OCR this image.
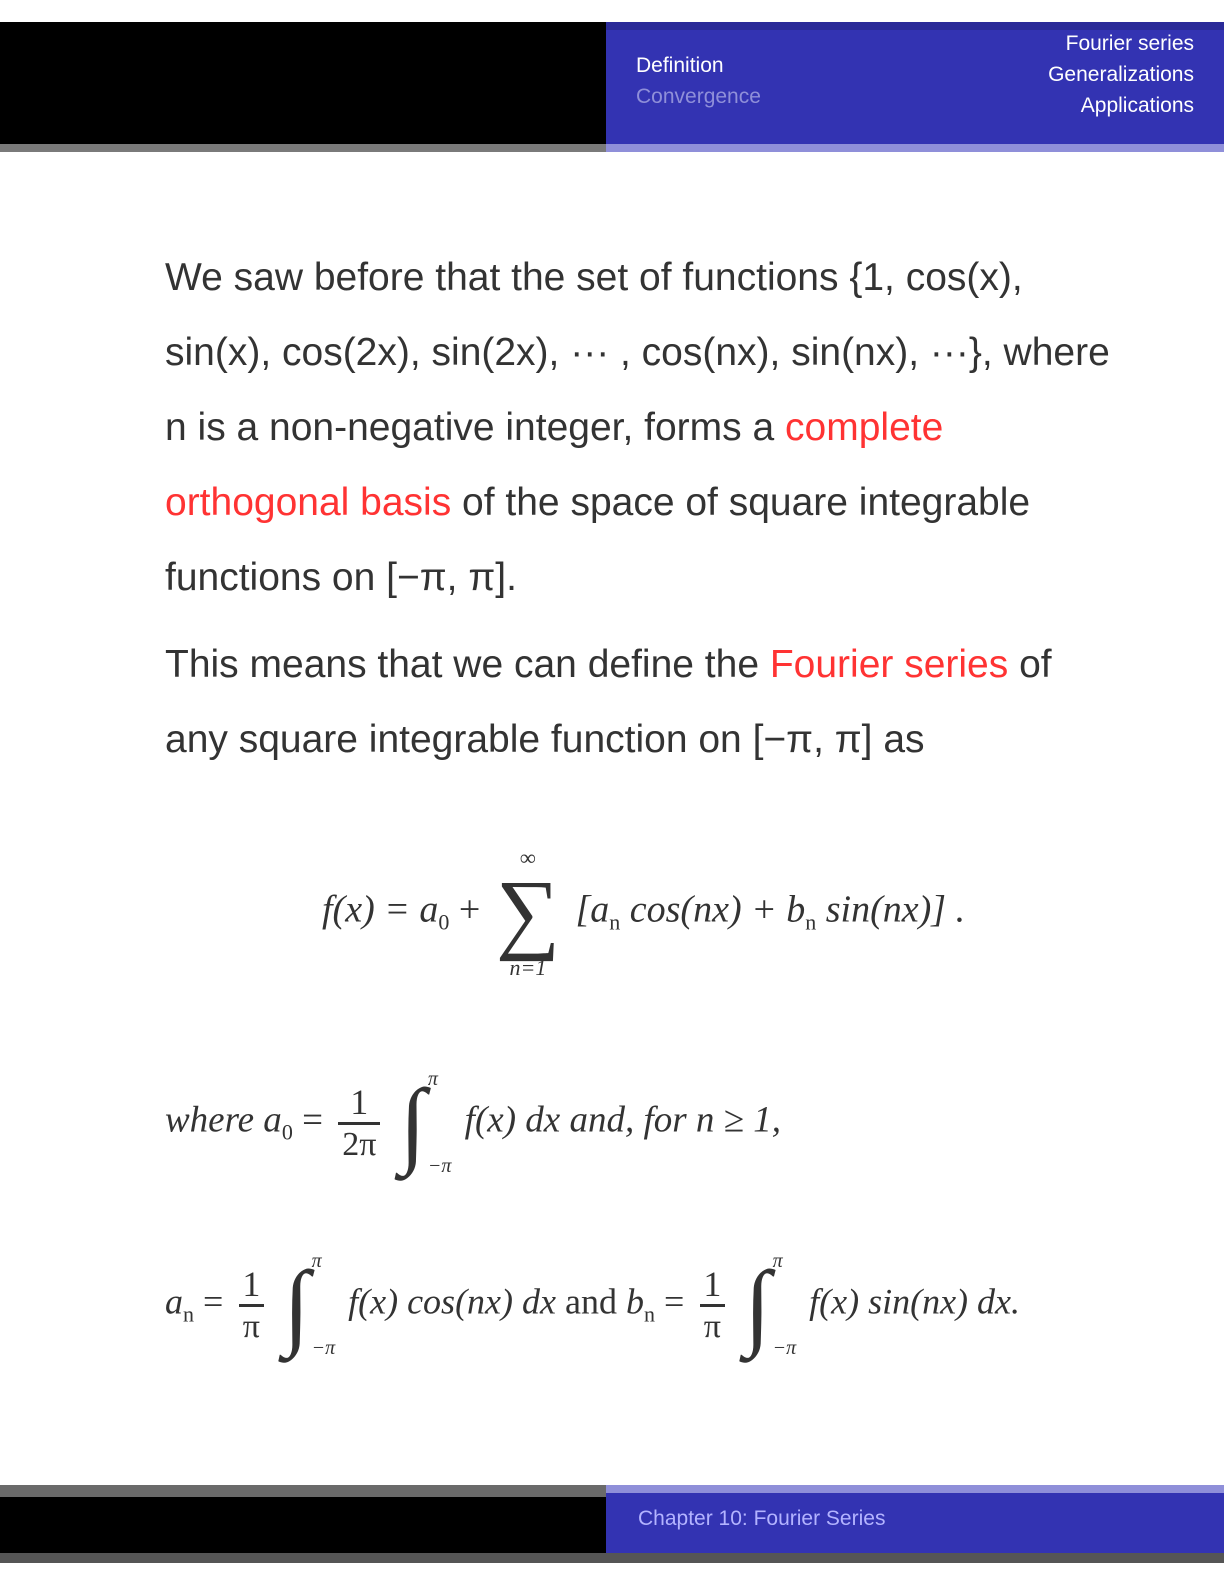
Fourier series
Generalizations
Applications
Definition
Convergence

We saw before that the set of functions {1, cos(x), sin(x), cos(2x), sin(2x), ··· , cos(nx), sin(nx), ···}, where n is a non-negative integer, forms a complete orthogonal basis of the space of square integrable functions on [−π, π].

This means that we can define the Fourier series of any square integrable function on [−π, π] as

$f(x) = a_0$ +
∞
∑
n=1
[$a_n$ $\cos(nx) + b_n$ sin(nx)] .
where $a_0 = \frac{1}{2\pi}$
∫ π
−π
f(x) dx and, for n ≥ 1,
$a_n = \frac{1}{\pi}$
∫ π
−π
f(x) cos(nx) dx and $b_n = \frac{1}{\pi}$
∫ π
−π
f(x) sin(nx) dx.
Chapter 10: Fourier Series
